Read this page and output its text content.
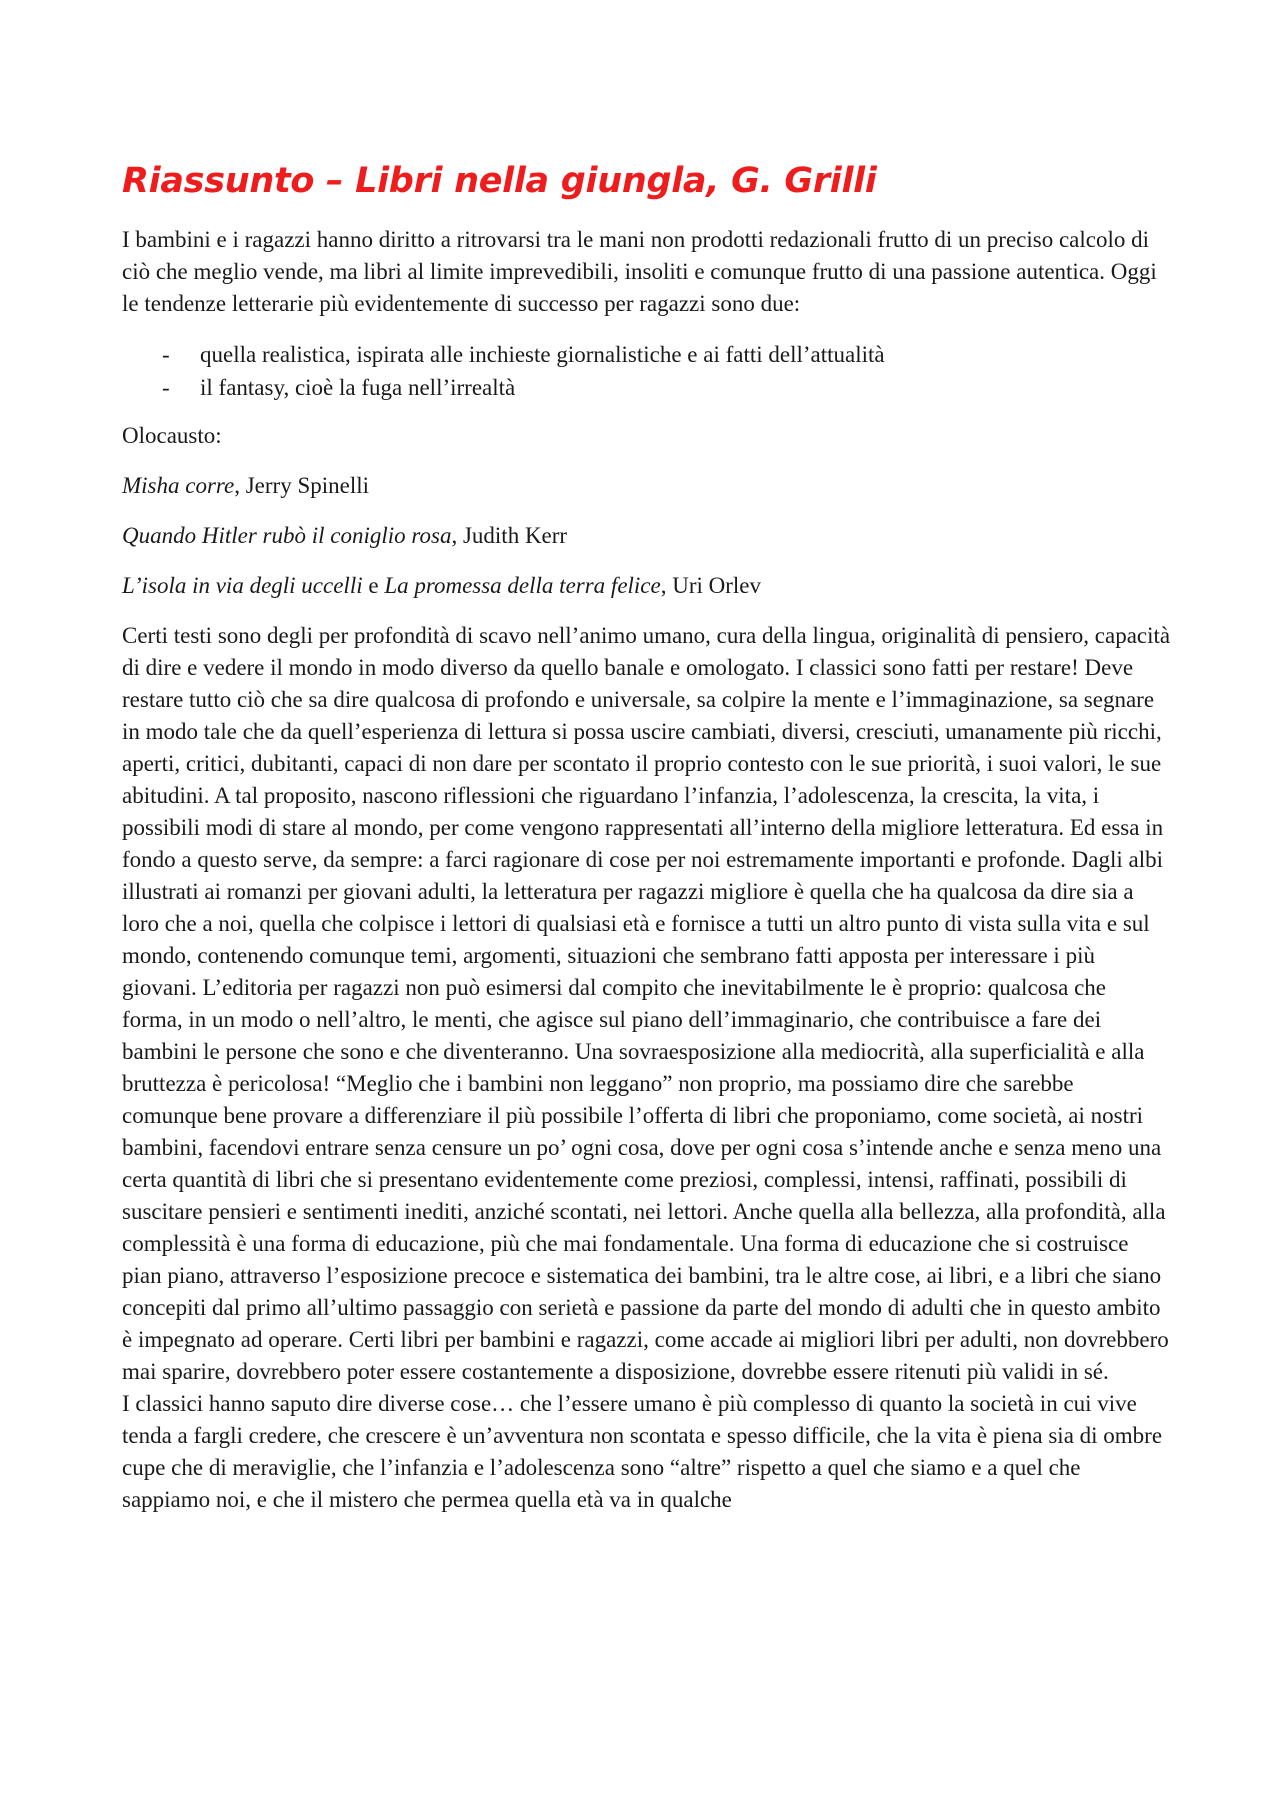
Riassunto – Libri nella giungla, G. Grilli

I bambini e i ragazzi hanno diritto a ritrovarsi tra le mani non prodotti redazionali frutto di un preciso calcolo di ciò che meglio vende, ma libri al limite imprevedibili, insoliti e comunque frutto di una passione autentica. Oggi le tendenze letterarie più evidentemente di successo per ragazzi sono due:

- quella realistica, ispirata alle inchieste giornalistiche e ai fatti dell’attualità
- il fantasy, cioè la fuga nell’irrealtà

Olocausto:

Misha corre, Jerry Spinelli

Quando Hitler rubò il coniglio rosa, Judith Kerr

L’isola in via degli uccelli e La promessa della terra felice, Uri Orlev

Certi testi sono degli per profondità di scavo nell’animo umano, cura della lingua, originalità di pensiero, capacità di dire e vedere il mondo in modo diverso da quello banale e omologato. I classici sono fatti per restare! Deve restare tutto ciò che sa dire qualcosa di profondo e universale, sa colpire la mente e l’immaginazione, sa segnare in modo tale che da quell’esperienza di lettura si possa uscire cambiati, diversi, cresciuti, umanamente più ricchi, aperti, critici, dubitanti, capaci di non dare per scontato il proprio contesto con le sue priorità, i suoi valori, le sue abitudini. A tal proposito, nascono riflessioni che riguardano l’infanzia, l’adolescenza, la crescita, la vita, i possibili modi di stare al mondo, per come vengono rappresentati all’interno della migliore letteratura. Ed essa in fondo a questo serve, da sempre: a farci ragionare di cose per noi estremamente importanti e profonde. Dagli albi illustrati ai romanzi per giovani adulti, la letteratura per ragazzi migliore è quella che ha qualcosa da dire sia a loro che a noi, quella che colpisce i lettori di qualsiasi età e fornisce a tutti un altro punto di vista sulla vita e sul mondo, contenendo comunque temi, argomenti, situazioni che sembrano fatti apposta per interessare i più giovani. L’editoria per ragazzi non può esimersi dal compito che inevitabilmente le è proprio: qualcosa che forma, in un modo o nell’altro, le menti, che agisce sul piano dell’immaginario, che contribuisce a fare dei bambini le persone che sono e che diventeranno. Una sovraesposizione alla mediocrità, alla superficialità e alla bruttezza è pericolosa! “Meglio che i bambini non leggano” non proprio, ma possiamo dire che sarebbe comunque bene provare a differenziare il più possibile l’offerta di libri che proponiamo, come società, ai nostri bambini, facendovi entrare senza censure un po’ ogni cosa, dove per ogni cosa s’intende anche e senza meno una certa quantità di libri che si presentano evidentemente come preziosi, complessi, intensi, raffinati, possibili di suscitare pensieri e sentimenti inediti, anziché scontati, nei lettori. Anche quella alla bellezza, alla profondità, alla complessità è una forma di educazione, più che mai fondamentale. Una forma di educazione che si costruisce pian piano, attraverso l’esposizione precoce e sistematica dei bambini, tra le altre cose, ai libri, e a libri che siano concepiti dal primo all’ultimo passaggio con serietà e passione da parte del mondo di adulti che in questo ambito è impegnato ad operare. Certi libri per bambini e ragazzi, come accade ai migliori libri per adulti, non dovrebbero mai sparire, dovrebbero poter essere costantemente a disposizione, dovrebbe essere ritenuti più validi in sé.

I classici hanno saputo dire diverse cose… che l’essere umano è più complesso di quanto la società in cui vive tenda a fargli credere, che crescere è un’avventura non scontata e spesso difficile, che la vita è piena sia di ombre cupe che di meraviglie, che l’infanzia e l’adolescenza sono “altre” rispetto a quel che siamo e a quel che sappiamo noi, e che il mistero che permea quella età va in qualche
